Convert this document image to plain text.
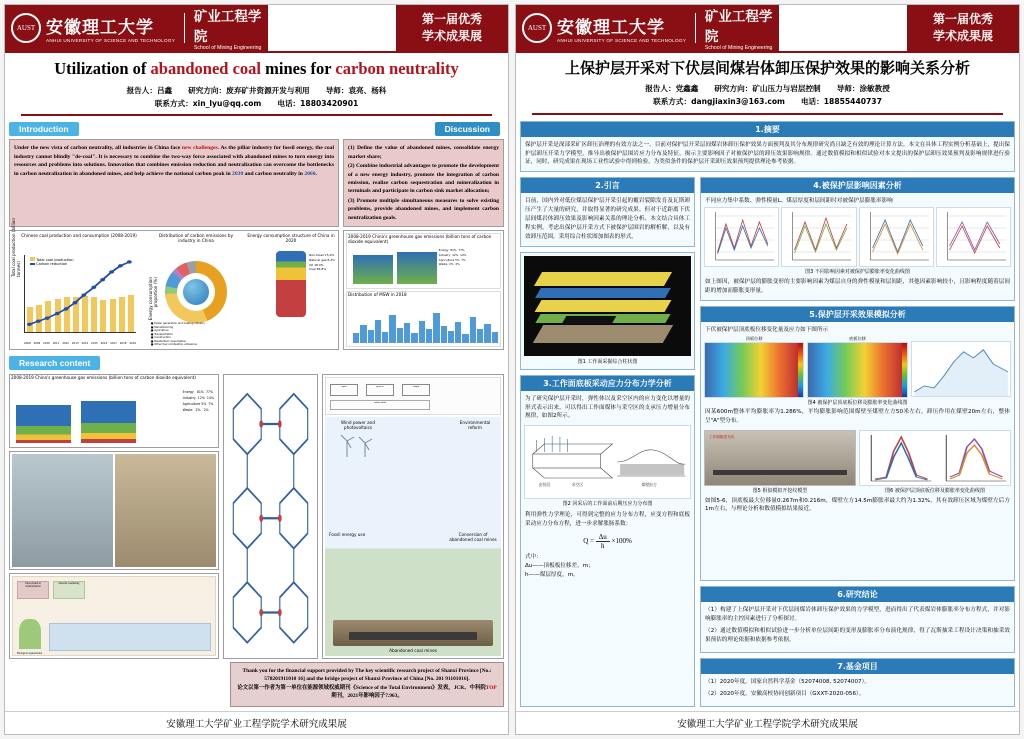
AUST 安徽理工大学
ANHUI UNIVERSITY OF SCIENCE AND TECHNOLOGY
矿业工程学院
School of Mining Engineering
第一届优秀
学术成果展
Utilization of abandoned coal mines for carbon neutrality
报告人：吕鑫 研究方向：废弃矿井资源开发与利用 导师：袁亮、杨科
联系方式：xin_lyu@qq.com 电话：18803420901
Introduction	Discussion
Under the new vista of carbon neutrality, all industries in China face new challenges. As the pillar industry for fossil energy, the coal industry cannot blindly "de-coal". It is necessary to combine the two-way force associated with abandoned mines to turn energy into resources and problems into solutions. Innovation that combines emission reduction and neutralization can overcome the bottlenecks in carbon neutralization in abandoned mines, and help achieve the national carbon peak in 2030 and carbon neutrality in 2060.
(1) Define the value of abandoned mines, consolidate energy market share;
(2) Combine industrial advantages to promote the development of a new energy industry, promote the integration of carbon emission, realize carbon sequestration and mineralization in terminals and participate in carbon sink market allocation;
(3) Promote multiple simultaneous measures to solve existing problems, provide abandoned mines, and implement carbon neutralization goals.
Chinese coal production and consumption (2008-2019)
Total coal production (billion tonnes)
Energy consumption proportion (%)
Total coal production
Carbon reduction
2008 2009 2010 2011 2012 2013 2014 2015 2016 2017 2018 2019
Distribution of carbon emissions by industry in China
■ Power generation and heating industry
■ Manufacturing
■ Agriculture
■ Transportation
■ Construction
■ Residential consumption
■ Other fuel combustion emissions
Energy consumption structure of China in 2020
Non-fossil 15.9%
Natural gas 8.4%
Oil 18.9%
Coal 56.8%
2008-2019 China's greenhouse gas emissions (billion tons of carbon dioxide equivalent)
Energy  81%  77%
Industry  12%  14%
Agriculture 5%  7%
Waste  2%  2%
Distribution of MSW in 2018
Research content
2008-2019 China's greenhouse gas emissions (billion tons of carbon dioxide equivalent)
Energy   81%  77%
Industry  12%  14%
Agriculture 5%  7%
Waste   2%   2%
Photochemical transformation
Material weathering
Biological sequestration
input	process	output
carbon chain
Wind power and photovoltaics
Environmental reform
Fossil energy use	Conversion of abandoned coal mines
Abandoned coal mines
Thank you for the financial support provided by The key scientific research project of Shanxi Province [No.: 578201911010 16] and the bridge project of Shanxi Province of China [No. 201 91101016].
论文以第一作者为第一单位在能源领域权威期刊《Science of the Total Environment》发表，JCR、中科院TOP期刊，2021年影响因子7.963。
安徽理工大学矿业工程学院学术研究成果展
AUST 安徽理工大学
ANHUI UNIVERSITY OF SCIENCE AND TECHNOLOGY
矿业工程学院
School of Mining Engineering
第一届优秀
学术成果展
上保护层开采对下伏层间煤岩体卸压保护效果的影响关系分析
报告人：党鑫鑫 研究方向：矿山压力与岩层控制 导师：涂敏教授
联系方式：dangjiaxin3@163.com 电话：18855440737
1.摘要
保护层开采是深部采矿区卸压治理的有效方法之一。目前对保护层开采层间煤岩体卸压保护效果方面预判及其分布规律研究尚且缺乏有效的理论计算方法。本文在具体工程实例分析基础上，提出保护层卸压开采力学模型，推导出被保护层围岩应力分布及特征，揭示主要影响因子对被保护层的卸压效果影响规律。通过数值模拟和相似试验对本文提出的保护层卸压效果预判及影响规律进行验证，同时，研究成果在现场工业性试验中得到检验，为类似条件的保护层开采卸压效果预判提供理论参考依据。
2.引言
目前，国内外对低位煤层保护层开采引起的覆岩裂隙发育及瓦斯卸压产生了大量的研究，并取得显著的研究成果。但对于近距离下伏层间煤岩体卸压效果及影响因素关系的理论分析、本文结合具体工程实例，考虑出保护层开采方式下被保护层围岩的解析解，以及有效卸压范围，采用综合柱状图加图表的形式。
图1 工作面采掘综合柱状图
3.工作面底板采动应力分布力学分析
为了研究保护层开采时，弹性体以及采空区内的应力变化以增量的形式表示出来，可以得出工作面煤体与采空区的支承压力增量分布规律，如图2所示。
安装段	采空区	煤壁前方
图2 回采后的工作面前后期压应力分布图
利用弹性力学理论，可得到完整的应力分布方程，应变方程和底板采动应力分布方程，进一步求解胀肠系数：
$Q = \frac{\Delta u}{h} \times 100\%$
式中：
Δu——顶板板位移差，m；
h——煤层厚度，m。
4.被保护层影响因素分析
不同应力集中系数、弹性模量L、煤层厚度和层间距时对被保护层膨胀率影响
图3 不同影响因素对被保护层膨胀率变化曲线图
如上图因，被保护层的膨胀变形的主要影响因素为煤层自身的弹性模量和层间距，其他因素影响较小，且影响程度随着层间距的增加而膨胀变形量。
5.保护层开采效果模拟分析
下伏被保护层顶底板位移变化量及应力如下图所示
顶板位移	底板位移

图4 被保护层顶底板位移及膨胀率变化曲线图
因某600m整体平均膨胀率为1.286%，平均膨胀影响范围煤壁至煤壁左方50米左右，卸压作用在煤壁20m左右，整体呈"A"型分布。
工作面推进方向
图5 相似模拟开挖纹模型	图6 被保护层顶底板位移及膨胀率变化曲线图
如图5-6，顶底板最大位移量0.267m和0.216m，煤壁左方14.5m膨胀率最大约为1.32%，其有效卸压区域为煤壁左后方1m左右，与理论分析和数值模拟结果接近。
6.研究结论

（1）构建了上保护层开采对下伏层间煤岩体卸压保护效果的力学模型，进而得出了代表煤岩体膨胀率分布方程式，并对影响膨胀率的主控因素进行了分析探讨。

（2）通过数值模拟和相似试验进一步分析单位层间距的变形及膨胀率分布演化规律，得了瓦斯抽采工程设计决策和抽采效果预估的理论依据和依据参考依据。

7.基金项目

（1）2020年度，国家自然科学基金（52074008, 52074007）。

（2）2020年度，安徽高校协同创新项目（GXXT-2020-056）。

安徽理工大学矿业工程学院学术研究成果展
